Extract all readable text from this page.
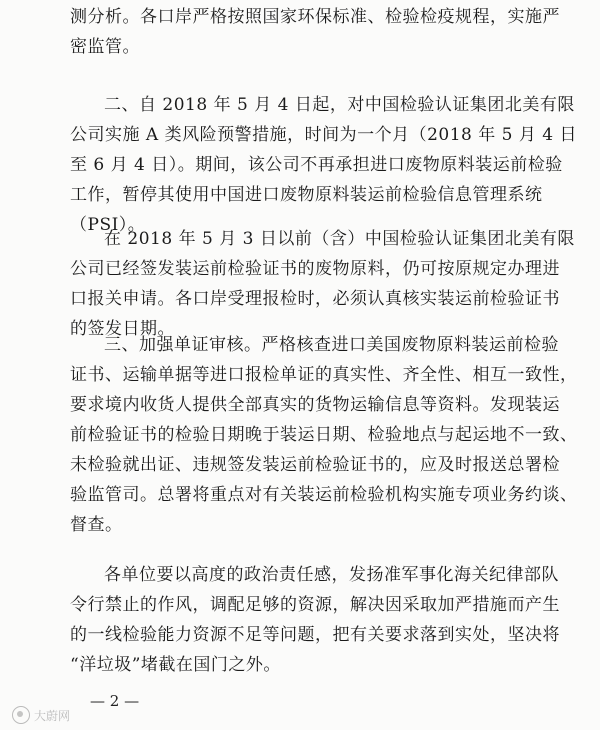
测分析。各口岸严格按照国家环保标准、检验检疫规程，实施严
密监管。
二、自 2018 年 5 月 4 日起，对中国检验认证集团北美有限
公司实施 A 类风险预警措施，时间为一个月（2018 年 5 月 4 日
至 6 月 4 日）。期间，该公司不再承担进口废物原料装运前检验
工作，暂停其使用中国进口废物原料装运前检验信息管理系统
（PSI）。
在 2018 年 5 月 3 日以前（含）中国检验认证集团北美有限
公司已经签发装运前检验证书的废物原料，仍可按原规定办理进
口报关申请。各口岸受理报检时，必须认真核实装运前检验证书
的签发日期。
三、加强单证审核。严格核查进口美国废物原料装运前检验
证书、运输单据等进口报检单证的真实性、齐全性、相互一致性，
要求境内收货人提供全部真实的货物运输信息等资料。发现装运
前检验证书的检验日期晚于装运日期、检验地点与起运地不一致、
未检验就出证、违规签发装运前检验证书的，应及时报送总署检
验监管司。总署将重点对有关装运前检验机构实施专项业务约谈、
督查。
各单位要以高度的政治责任感，发扬准军事化海关纪律部队
令行禁止的作风，调配足够的资源，解决因采取加严措施而产生
的一线检验能力资源不足等问题，把有关要求落到实处，坚决将
“洋垃圾”堵截在国门之外。
— 2 —
大蔚网
